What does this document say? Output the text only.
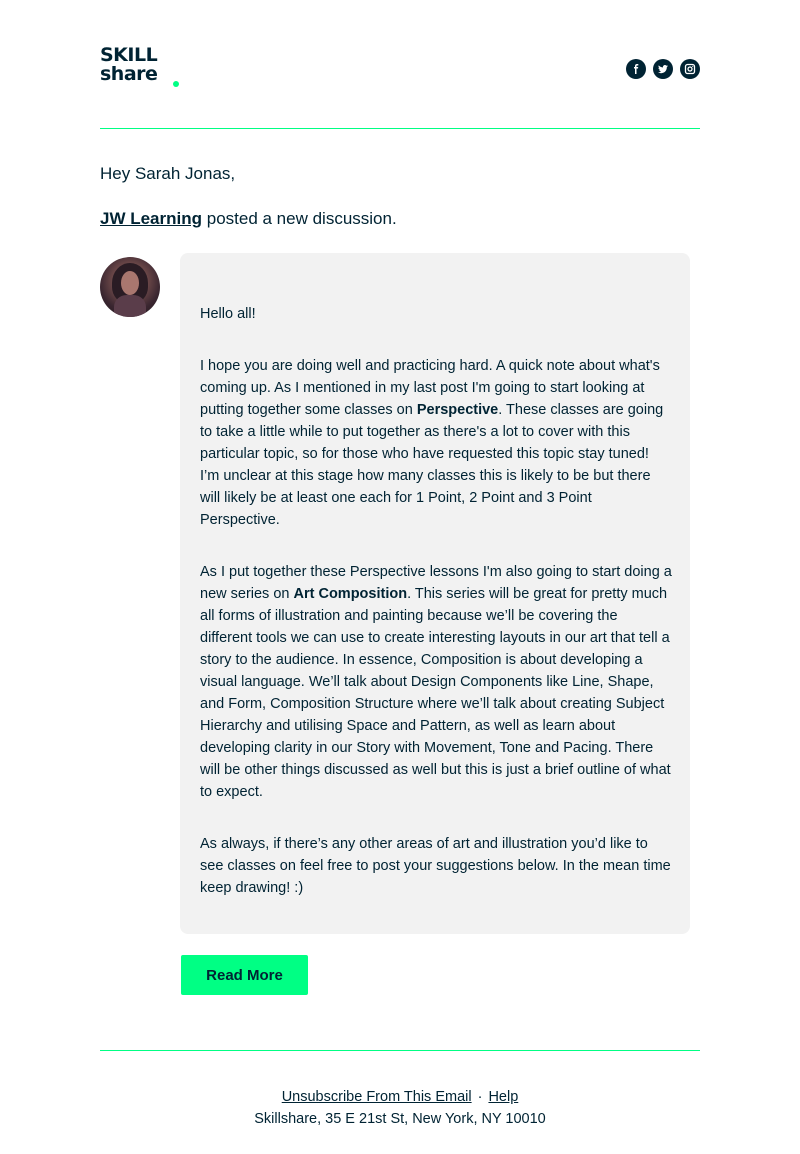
SKILL
share
Hey Sarah Jonas,
JW Learning posted a new discussion.

Hello all!

I hope you are doing well and practicing hard. A quick note about what's coming up. As I mentioned in my last post I'm going to start looking at putting together some classes on Perspective. These classes are going to take a little while to put together as there's a lot to cover with this particular topic, so for those who have requested this topic stay tuned! I’m unclear at this stage how many classes this is likely to be but there will likely be at least one each for 1 Point, 2 Point and 3 Point Perspective.

As I put together these Perspective lessons I'm also going to start doing a new series on Art Composition. This series will be great for pretty much all forms of illustration and painting because we’ll be covering the different tools we can use to create interesting layouts in our art that tell a story to the audience. In essence, Composition is about developing a visual language. We’ll talk about Design Components like Line, Shape, and Form, Composition Structure where we’ll talk about creating Subject Hierarchy and utilising Space and Pattern, as well as learn about developing clarity in our Story with Movement, Tone and Pacing. There will be other things discussed as well but this is just a brief outline of what to expect.

As always, if there’s any other areas of art and illustration you’d like to see classes on feel free to post your suggestions below. In the mean time keep drawing! :)

Read More
Unsubscribe From This Email · Help
Skillshare, 35 E 21st St, New York, NY 10010
